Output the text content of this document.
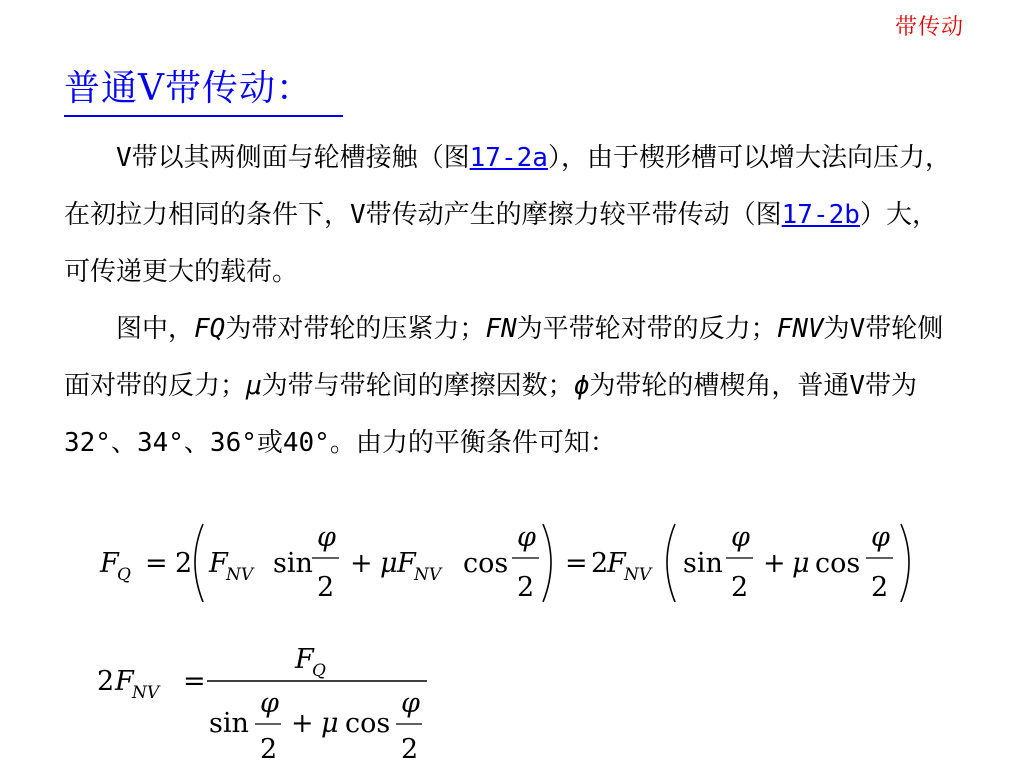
带传动
普通V带传动：

V带以其两侧面与轮槽接触（图17-2a），由于楔形槽可以增大法向压力，在初拉力相同的条件下，V带传动产生的摩擦力较平带传动（图17-2b）大，可传递更大的载荷。

图中，FQ为带对带轮的压紧力；FN为平带轮对带的反力；FNV为V带轮侧面对带的反力；μ为带与带轮间的摩擦因数；ϕ为带轮的槽楔角，普通V带为32°、34°、36°或40°。由力的平衡条件可知：

F
Q = 2 F
NV sin
φ
2
+ μ F
NV cos
φ
2
= 2
F
NV sin
φ
2
+ μ cos
φ
2
F
Q
2 F
NV =
sin
φ
2
+ μ cos
φ
2
